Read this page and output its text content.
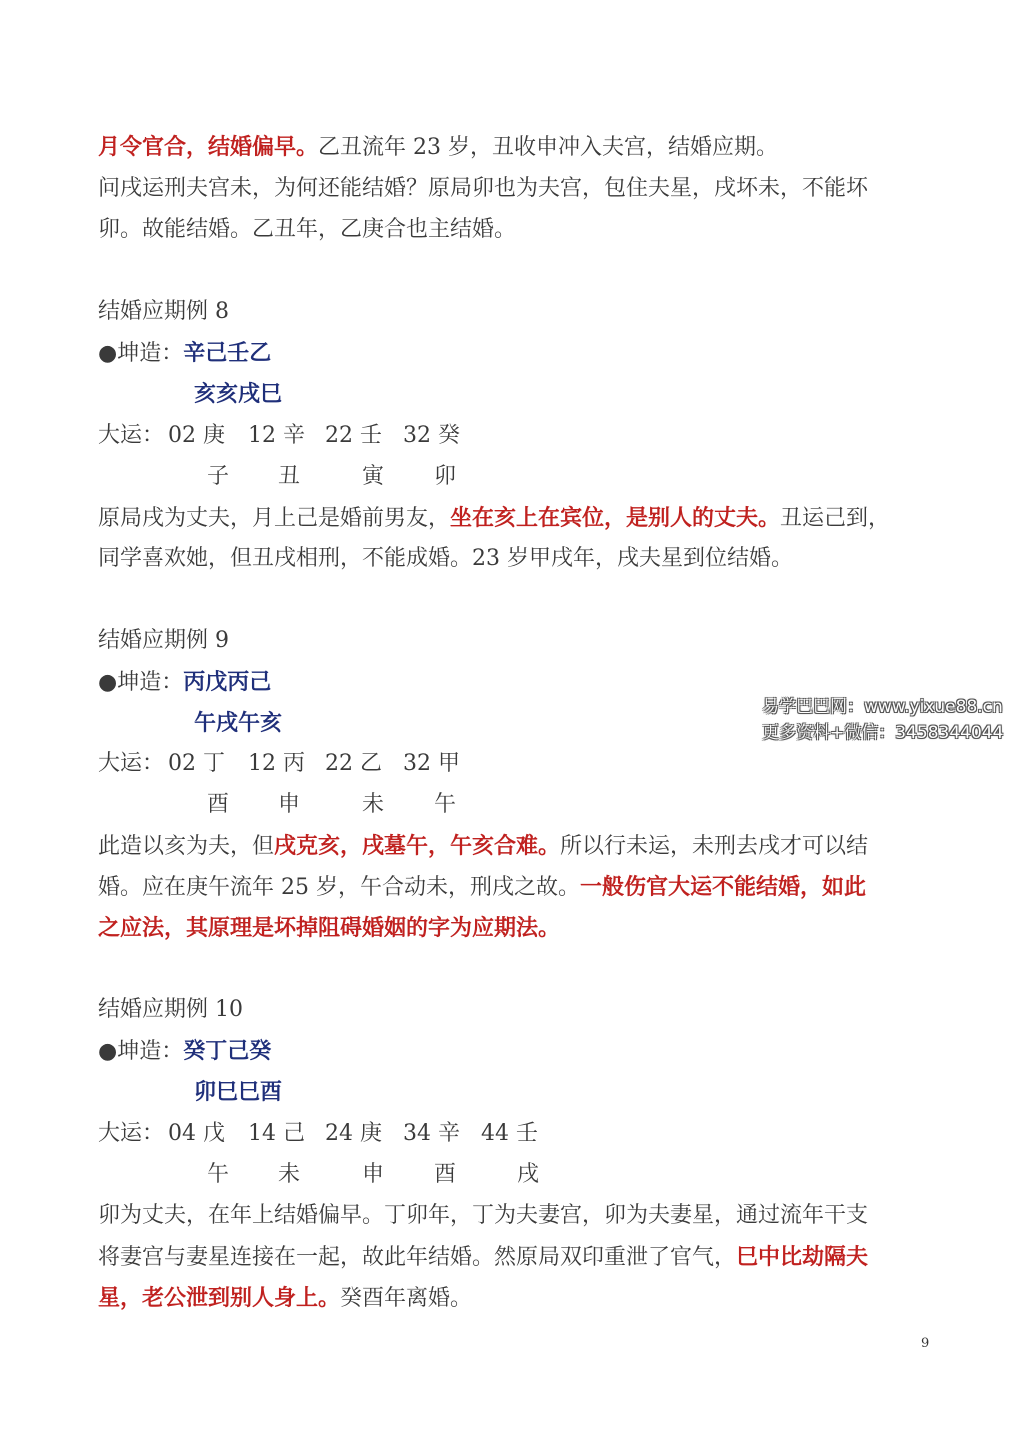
月令官合，结婚偏早。乙丑流年 23 岁，丑收申冲入夫宫，结婚应期。
问戌运刑夫宫未，为何还能结婚？原局卯也为夫宫，包住夫星，戌坏未，不能坏
卯。故能结婚。乙丑年，乙庚合也主结婚。
结婚应期例 8
●坤造：辛己壬乙
亥亥戌巳
大运： 02 庚 12 辛 22 壬 32 癸
子 丑	寅 卯
原局戌为丈夫，月上己是婚前男友，坐在亥上在宾位，是别人的丈夫。丑运己到，
同学喜欢她，但丑戌相刑，不能成婚。23 岁甲戌年，戌夫星到位结婚。
结婚应期例 9
●坤造：丙戊丙己
午戌午亥
大运： 02 丁 12 丙 22 乙 32 甲
酉 申	未 午
此造以亥为夫，但戌克亥，戌墓午，午亥合难。所以行未运，未刑去戌才可以结
婚。应在庚午流年 25 岁，午合动未，刑戌之故。一般伤官大运不能结婚，如此
之应法，其原理是坏掉阻碍婚姻的字为应期法。
结婚应期例 10
●坤造：癸丁己癸
卯巳巳酉
大运： 04 戊 14 己 24 庚 34 辛 44 壬
午 未	申 酉	戌
卯为丈夫，在年上结婚偏早。丁卯年，丁为夫妻宫，卯为夫妻星，通过流年干支
将妻宫与妻星连接在一起，故此年结婚。然原局双印重泄了官气，巳中比劫隔夫
星，老公泄到别人身上。癸酉年离婚。
易学巴巴网：www.yixue88.cn
更多资料+微信：3458344044
9
